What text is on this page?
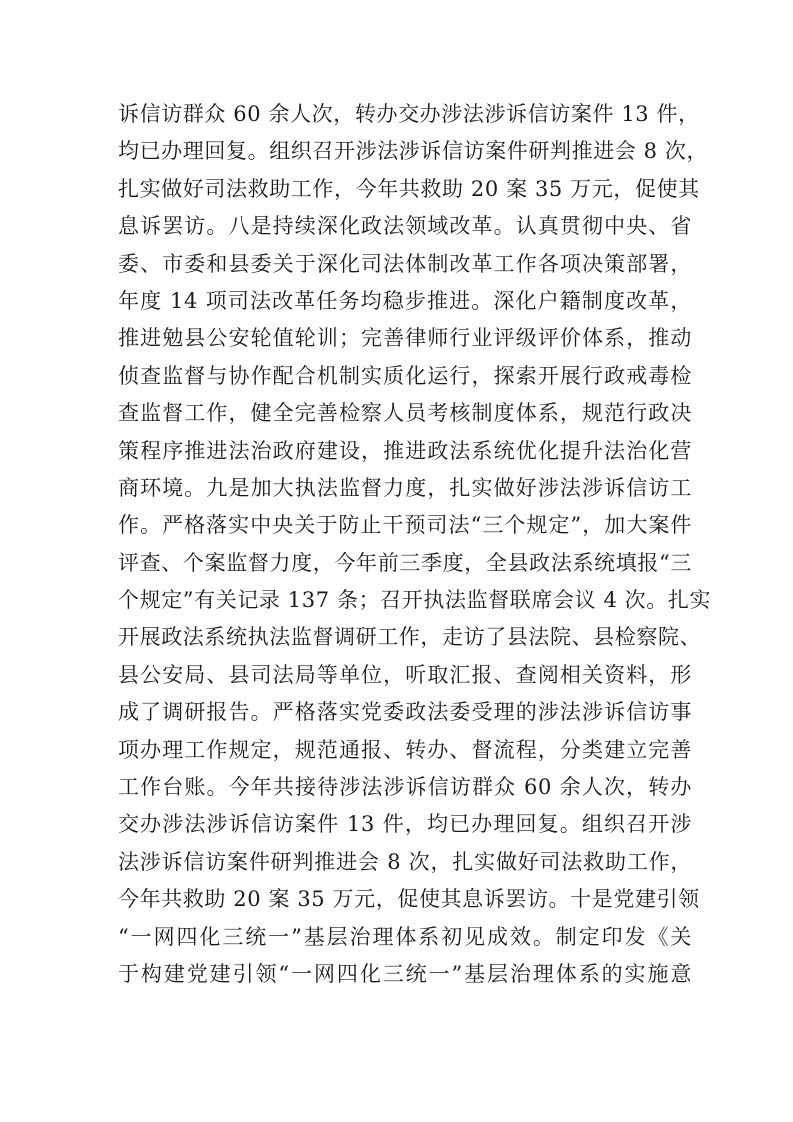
诉信访群众 60 余人次，转办交办涉法涉诉信访案件 13 件，
均已办理回复。组织召开涉法涉诉信访案件研判推进会 8 次，
扎实做好司法救助工作，今年共救助 20 案 35 万元，促使其
息诉罢访。八是持续深化政法领域改革。认真贯彻中央、省
委、市委和县委关于深化司法体制改革工作各项决策部署，
年度 14 项司法改革任务均稳步推进。深化户籍制度改革，
推进勉县公安轮值轮训；完善律师行业评级评价体系，推动
侦查监督与协作配合机制实质化运行，探索开展行政戒毒检
查监督工作，健全完善检察人员考核制度体系，规范行政决
策程序推进法治政府建设，推进政法系统优化提升法治化营
商环境。九是加大执法监督力度，扎实做好涉法涉诉信访工
作。严格落实中央关于防止干预司法“三个规定”，加大案件
评查、个案监督力度，今年前三季度，全县政法系统填报“三
个规定”有关记录 137 条；召开执法监督联席会议 4 次。扎实
开展政法系统执法监督调研工作，走访了县法院、县检察院、
县公安局、县司法局等单位，听取汇报、查阅相关资料，形
成了调研报告。严格落实党委政法委受理的涉法涉诉信访事
项办理工作规定，规范通报、转办、督流程，分类建立完善
工作台账。今年共接待涉法涉诉信访群众 60 余人次，转办
交办涉法涉诉信访案件 13 件，均已办理回复。组织召开涉
法涉诉信访案件研判推进会 8 次，扎实做好司法救助工作，
今年共救助 20 案 35 万元，促使其息诉罢访。十是党建引领
“一网四化三统一”基层治理体系初见成效。制定印发《关
于构建党建引领“一网四化三统一”基层治理体系的实施意
